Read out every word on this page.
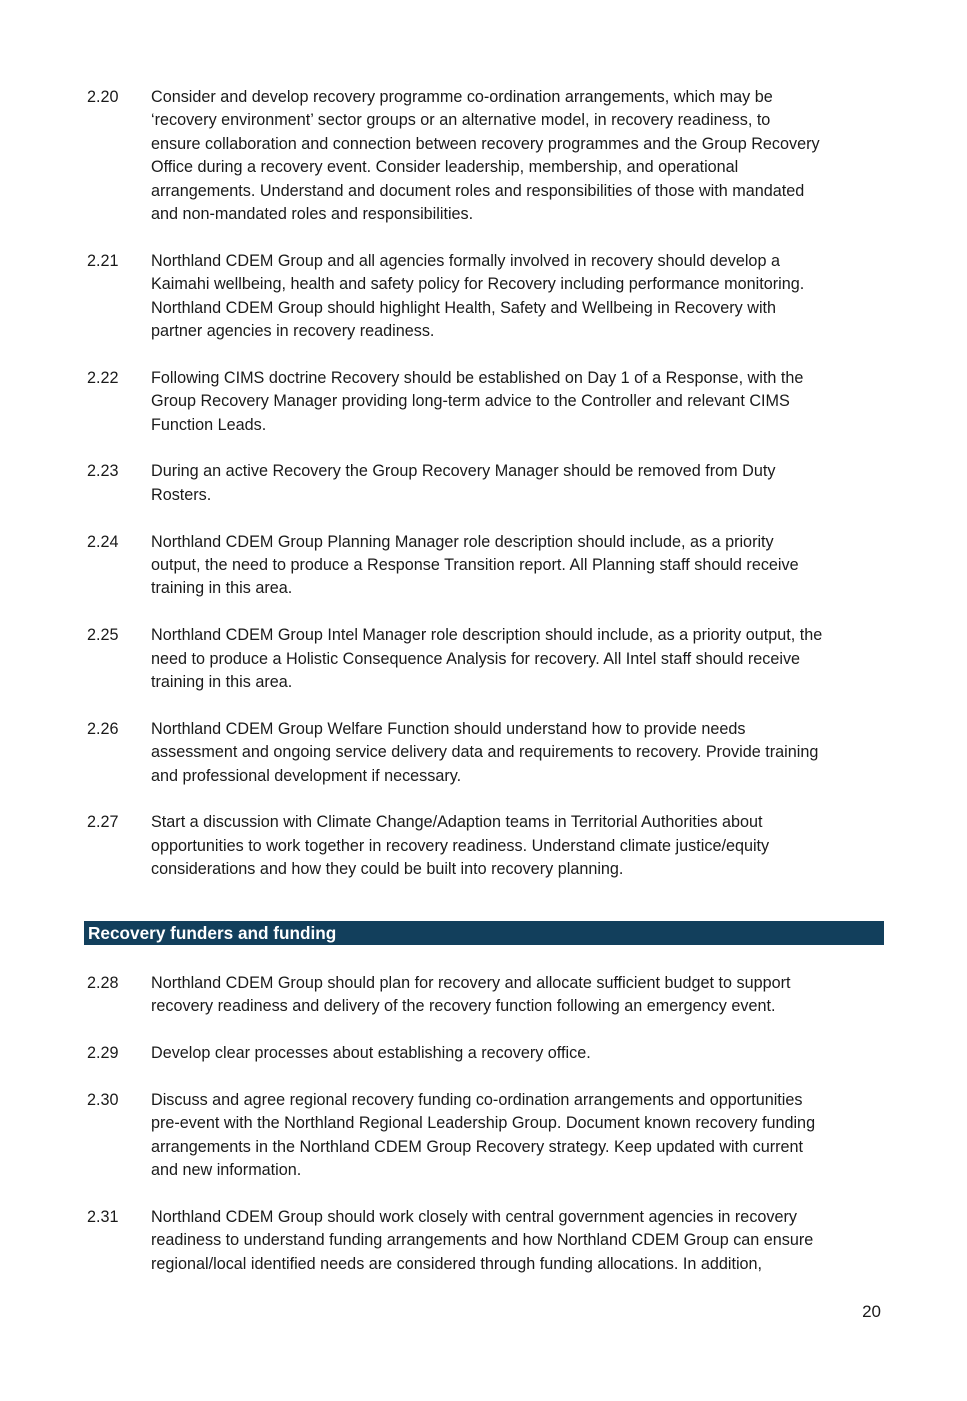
2.20	Consider and develop recovery programme co-ordination arrangements, which may be
‘recovery environment’ sector groups or an alternative model, in recovery readiness, to
ensure collaboration and connection between recovery programmes and the Group Recovery
Office during a recovery event. Consider leadership, membership, and operational
arrangements. Understand and document roles and responsibilities of those with mandated
and non-mandated roles and responsibilities.
2.21	Northland CDEM Group and all agencies formally involved in recovery should develop a
Kaimahi wellbeing, health and safety policy for Recovery including performance monitoring.
Northland CDEM Group should highlight Health, Safety and Wellbeing in Recovery with
partner agencies in recovery readiness.
2.22	Following CIMS doctrine Recovery should be established on Day 1 of a Response, with the
Group Recovery Manager providing long-term advice to the Controller and relevant CIMS
Function Leads.
2.23	During an active Recovery the Group Recovery Manager should be removed from Duty
Rosters.
2.24	Northland CDEM Group Planning Manager role description should include, as a priority
output, the need to produce a Response Transition report. All Planning staff should receive
training in this area.
2.25	Northland CDEM Group Intel Manager role description should include, as a priority output, the
need to produce a Holistic Consequence Analysis for recovery. All Intel staff should receive
training in this area.
2.26	Northland CDEM Group Welfare Function should understand how to provide needs
assessment and ongoing service delivery data and requirements to recovery. Provide training
and professional development if necessary.
2.27	Start a discussion with Climate Change/Adaption teams in Territorial Authorities about
opportunities to work together in recovery readiness. Understand climate justice/equity
considerations and how they could be built into recovery planning.
Recovery funders and funding
2.28	Northland CDEM Group should plan for recovery and allocate sufficient budget to support
recovery readiness and delivery of the recovery function following an emergency event.
2.29	Develop clear processes about establishing a recovery office.
2.30	Discuss and agree regional recovery funding co-ordination arrangements and opportunities
pre-event with the Northland Regional Leadership Group. Document known recovery funding
arrangements in the Northland CDEM Group Recovery strategy. Keep updated with current
and new information.
2.31	Northland CDEM Group should work closely with central government agencies in recovery
readiness to understand funding arrangements and how Northland CDEM Group can ensure
regional/local identified needs are considered through funding allocations. In addition,
20
